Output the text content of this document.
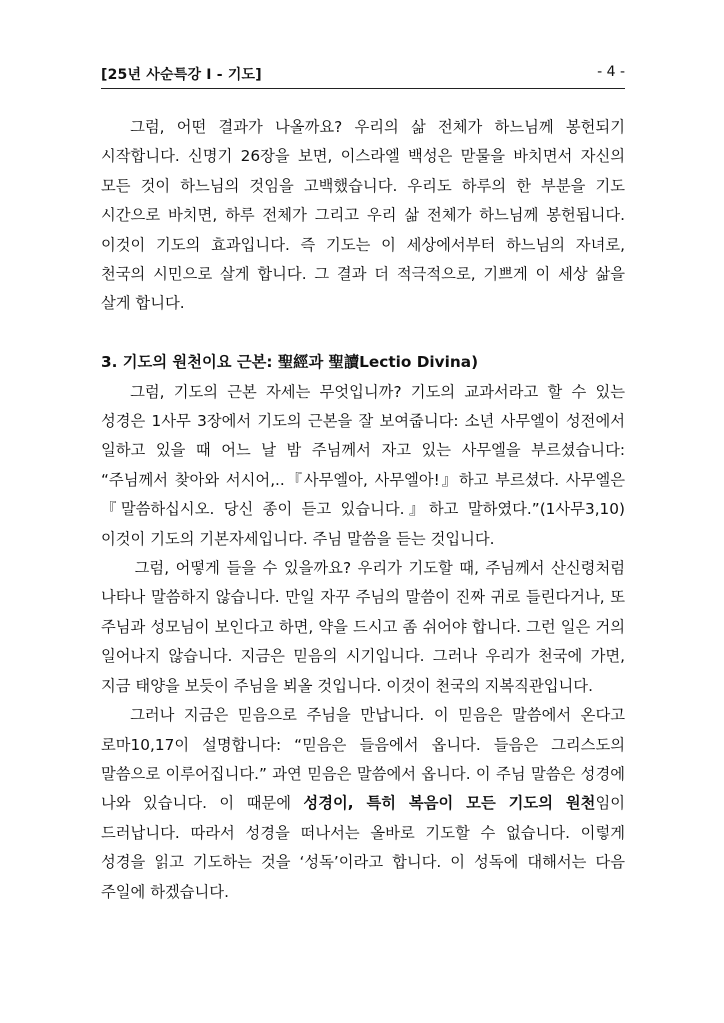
[25년 사순특강 Ⅰ - 기도]	- 4 -

그럼, 어떤 결과가 나올까요? 우리의 삶 전체가 하느님께 봉헌되기 시작합니다. 신명기 26장을 보면, 이스라엘 백성은 맏물을 바치면서 자신의 모든 것이 하느님의 것임을 고백했습니다. 우리도 하루의 한 부분을 기도 시간으로 바치면, 하루 전체가 그리고 우리 삶 전체가 하느님께 봉헌됩니다. 이것이 기도의 효과입니다. 즉 기도는 이 세상에서부터 하느님의 자녀로, 천국의 시민으로 살게 합니다. 그 결과 더 적극적으로, 기쁘게 이 세상 삶을 살게 합니다.

3. 기도의 원천이요 근본: 聖經과 聖讀Lectio Divina)

그럼, 기도의 근본 자세는 무엇입니까? 기도의 교과서라고 할 수 있는 성경은 1사무 3장에서 기도의 근본을 잘 보여줍니다: 소년 사무엘이 성전에서 일하고 있을 때 어느 날 밤 주님께서 자고 있는 사무엘을 부르셨습니다: “주님께서 찾아와 서시어,..『사무엘아, 사무엘아!』하고 부르셨다. 사무엘은『말씀하십시오. 당신 종이 듣고 있습니다.』하고 말하였다.”(1사무3,10) 이것이 기도의 기본자세입니다. 주님 말씀을 듣는 것입니다.

그럼, 어떻게 들을 수 있을까요? 우리가 기도할 때, 주님께서 산신령처럼 나타나 말씀하지 않습니다. 만일 자꾸 주님의 말씀이 진짜 귀로 들린다거나, 또 주님과 성모님이 보인다고 하면, 약을 드시고 좀 쉬어야 합니다. 그런 일은 거의 일어나지 않습니다. 지금은 믿음의 시기입니다. 그러나 우리가 천국에 가면, 지금 태양을 보듯이 주님을 뵈올 것입니다. 이것이 천국의 지복직관입니다.

그러나 지금은 믿음으로 주님을 만납니다. 이 믿음은 말씀에서 온다고 로마10,17이 설명합니다: “믿음은 들음에서 옵니다. 들음은 그리스도의 말씀으로 이루어집니다.” 과연 믿음은 말씀에서 옵니다. 이 주님 말씀은 성경에 나와 있습니다. 이 때문에 성경이, 특히 복음이 모든 기도의 원천임이 드러납니다. 따라서 성경을 떠나서는 올바로 기도할 수 없습니다. 이렇게 성경을 읽고 기도하는 것을 ‘성독’이라고 합니다. 이 성독에 대해서는 다음 주일에 하겠습니다.
